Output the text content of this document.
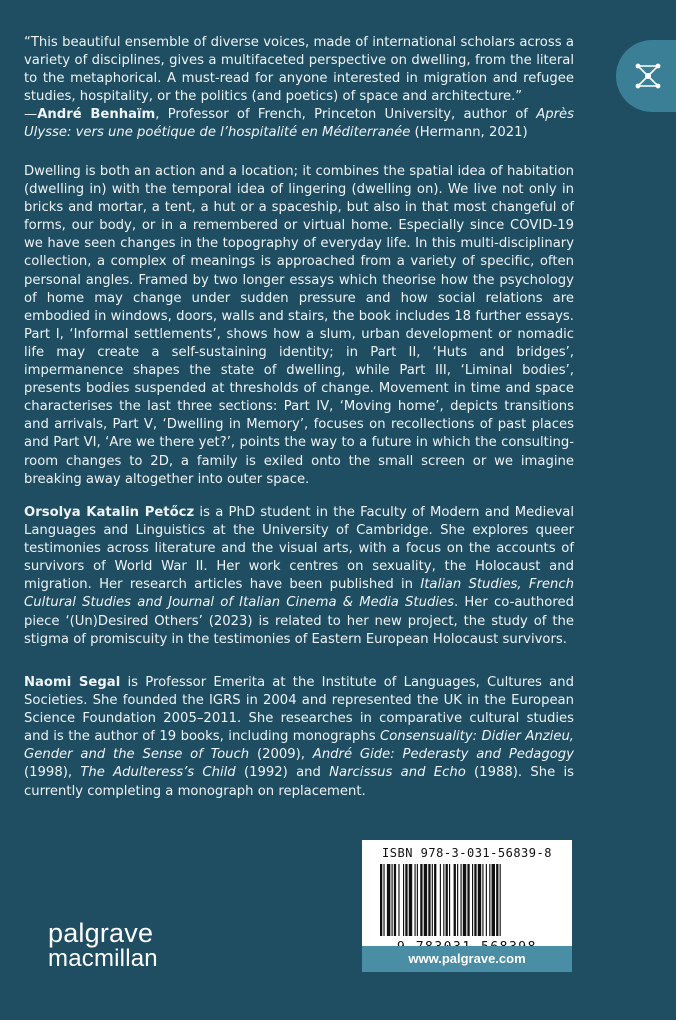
“This beautiful ensemble of diverse voices, made of international scholars across a variety of disciplines, gives a multifaceted perspective on dwelling, from the literal to the metaphorical. A must-read for anyone interested in migration and refugee studies, hospitality, or the politics (and poetics) of space and architecture.”
—André Benhaïm, Professor of French, Princeton University, author of Après Ulysse: vers une poétique de l’hospitalité en Méditerranée (Hermann, 2021)
Dwelling is both an action and a location; it combines the spatial idea of habitation (dwelling in) with the temporal idea of lingering (dwelling on). We live not only in bricks and mortar, a tent, a hut or a spaceship, but also in that most changeful of forms, our body, or in a remembered or virtual home. Especially since COVID-19 we have seen changes in the topography of everyday life. In this multi-disciplinary collection, a complex of meanings is approached from a variety of specific, often personal angles. Framed by two longer essays which theorise how the psychology of home may change under sudden pressure and how social relations are embodied in windows, doors, walls and stairs, the book includes 18 further essays. Part I, ‘Informal settlements’, shows how a slum, urban development or nomadic life may create a self-sustaining identity; in Part II, ‘Huts and bridges’, impermanence shapes the state of dwelling, while Part III, ‘Liminal bodies’, presents bodies suspended at thresholds of change. Movement in time and space characterises the last three sections: Part IV, ‘Moving home’, depicts transitions and arrivals, Part V, ‘Dwelling in Memory’, focuses on recollections of past places and Part VI, ‘Are we there yet?’, points the way to a future in which the consulting-room changes to 2D, a family is exiled onto the small screen or we imagine breaking away altogether into outer space.
Orsolya Katalin Petőcz is a PhD student in the Faculty of Modern and Medieval Languages and Linguistics at the University of Cambridge. She explores queer testimonies across literature and the visual arts, with a focus on the accounts of survivors of World War II. Her work centres on sexuality, the Holocaust and migration. Her research articles have been published in Italian Studies, French Cultural Studies and Journal of Italian Cinema & Media Studies. Her co-authored piece ‘(Un)Desired Others’ (2023) is related to her new project, the study of the stigma of promiscuity in the testimonies of Eastern European Holocaust survivors.
Naomi Segal is Professor Emerita at the Institute of Languages, Cultures and Societies. She founded the IGRS in 2004 and represented the UK in the European Science Foundation 2005–2011. She researches in comparative cultural studies and is the author of 19 books, including monographs Consensuality: Didier Anzieu, Gender and the Sense of Touch (2009), André Gide: Pederasty and Pedagogy (1998), The Adulteress’s Child (1992) and Narcissus and Echo (1988). She is currently completing a monograph on replacement.
palgrave
macmillan
ISBN 978-3-031-56839-8
www.palgrave.com
